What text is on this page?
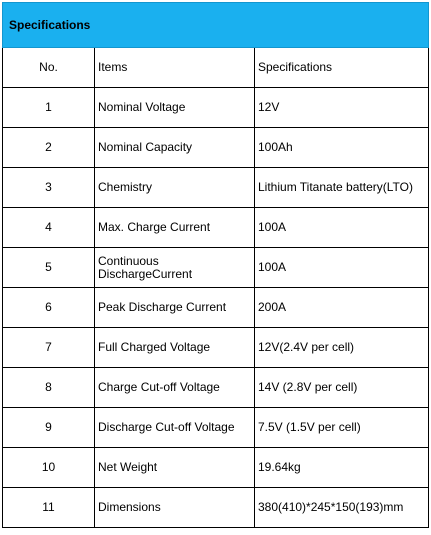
Specifications		
No.	Items	Specifications
1	Nominal Voltage	12V
2	Nominal Capacity	100Ah
3	Chemistry	Lithium Titanate battery(LTO)
4	Max. Charge Current	100A
5	Continuous DischargeCurrent	100A
6	Peak Discharge Current	200A
7	Full Charged Voltage	12V(2.4V per cell)
8	Charge Cut-off Voltage	14V (2.8V per cell)
9	Discharge Cut-off Voltage	7.5V (1.5V per cell)
10	Net Weight	19.64kg
11	Dimensions	380(410)*245*150(193)mm
